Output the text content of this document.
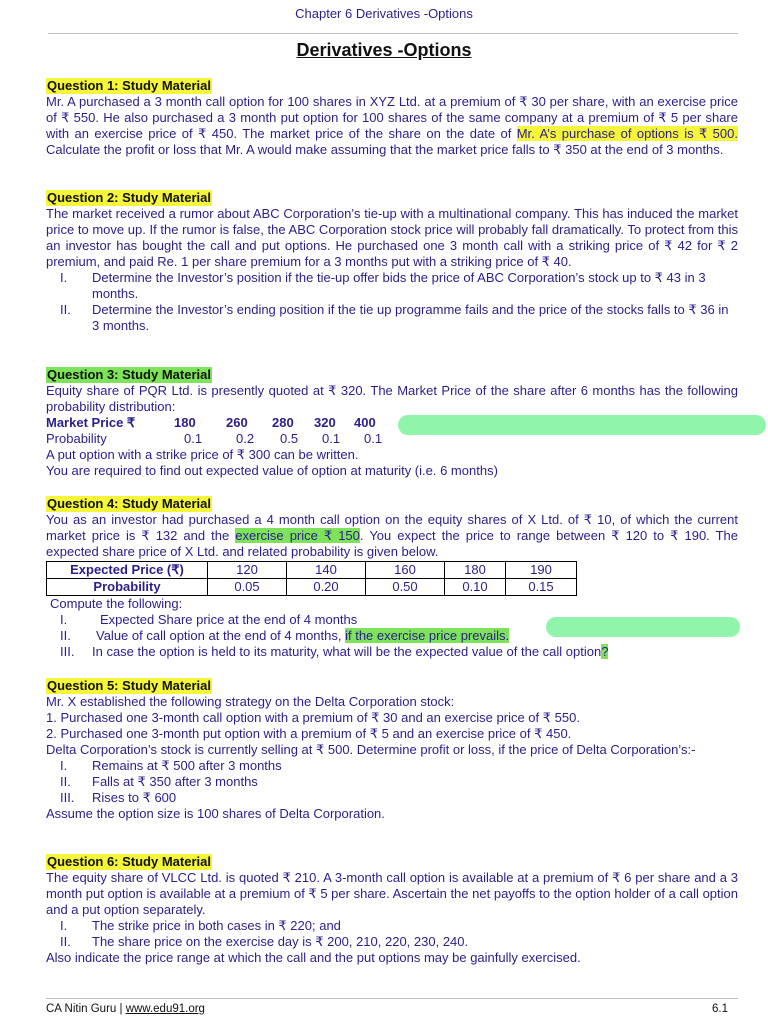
Chapter 6 Derivatives -Options
Derivatives -Options
Question 1: Study Material

Mr. A purchased a 3 month call option for 100 shares in XYZ Ltd. at a premium of ₹ 30 per share, with an exercise price of ₹ 550. He also purchased a 3 month put option for 100 shares of the same company at a premium of ₹ 5 per share with an exercise price of ₹ 450. The market price of the share on the date of Mr. A’s purchase of options is ₹ 500. Calculate the profit or loss that Mr. A would make assuming that the market price falls to ₹ 350 at the end of 3 months.

Question 2: Study Material

The market received a rumor about ABC Corporation’s tie-up with a multinational company. This has induced the market price to move up. If the rumor is false, the ABC Corporation stock price will probably fall dramatically. To protect from this an investor has bought the call and put options. He purchased one 3 month call with a striking price of ₹ 42 for ₹ 2 premium, and paid Re. 1 per share premium for a 3 months put with a striking price of ₹ 40.

I.	Determine the Investor’s position if the tie-up offer bids the price of ABC Corporation’s stock up to ₹ 43 in 3 months.
II.	Determine the Investor’s ending position if the tie up programme fails and the price of the stocks falls to ₹ 36 in 3 months.
Question 3: Study Material

Equity share of PQR Ltd. is presently quoted at ₹ 320. The Market Price of the share after 6 months has the following probability distribution:

Market Price ₹	180	260	280	320	400
Probability	0.1	0.2	0.5	0.1	0.1

A put option with a strike price of ₹ 300 can be written.

You are required to find out expected value of option at maturity (i.e. 6 months)

Question 4: Study Material

You as an investor had purchased a 4 month call option on the equity shares of X Ltd. of ₹ 10, of which the current market price is ₹ 132 and the exercise price ₹ 150. You expect the price to range between ₹ 120 to ₹ 190. The expected share price of X Ltd. and related probability is given below.

Expected Price (₹)	120	140	160	180	190
Probability	0.05	0.20	0.50	0.10	0.15

Compute the following:

I.	Expected Share price at the end of 4 months
II.	Value of call option at the end of 4 months, if the exercise price prevails.
III.	In case the option is held to its maturity, what will be the expected value of the call option?
Question 5: Study Material

Mr. X established the following strategy on the Delta Corporation stock:

1. Purchased one 3-month call option with a premium of ₹ 30 and an exercise price of ₹ 550.

2. Purchased one 3-month put option with a premium of ₹ 5 and an exercise price of ₹ 450.

Delta Corporation’s stock is currently selling at ₹ 500. Determine profit or loss, if the price of Delta Corporation’s:-

I.	Remains at ₹ 500 after 3 months
II.	Falls at ₹ 350 after 3 months
III.	Rises to ₹ 600

Assume the option size is 100 shares of Delta Corporation.

Question 6: Study Material

The equity share of VLCC Ltd. is quoted ₹ 210. A 3-month call option is available at a premium of ₹ 6 per share and a 3 month put option is available at a premium of ₹ 5 per share. Ascertain the net payoffs to the option holder of a call option and a put option separately.

I.	The strike price in both cases in ₹ 220; and
II.	The share price on the exercise day is ₹ 200, 210, 220, 230, 240.

Also indicate the price range at which the call and the put options may be gainfully exercised.

CA Nitin Guru | www.edu91.org	6.1
